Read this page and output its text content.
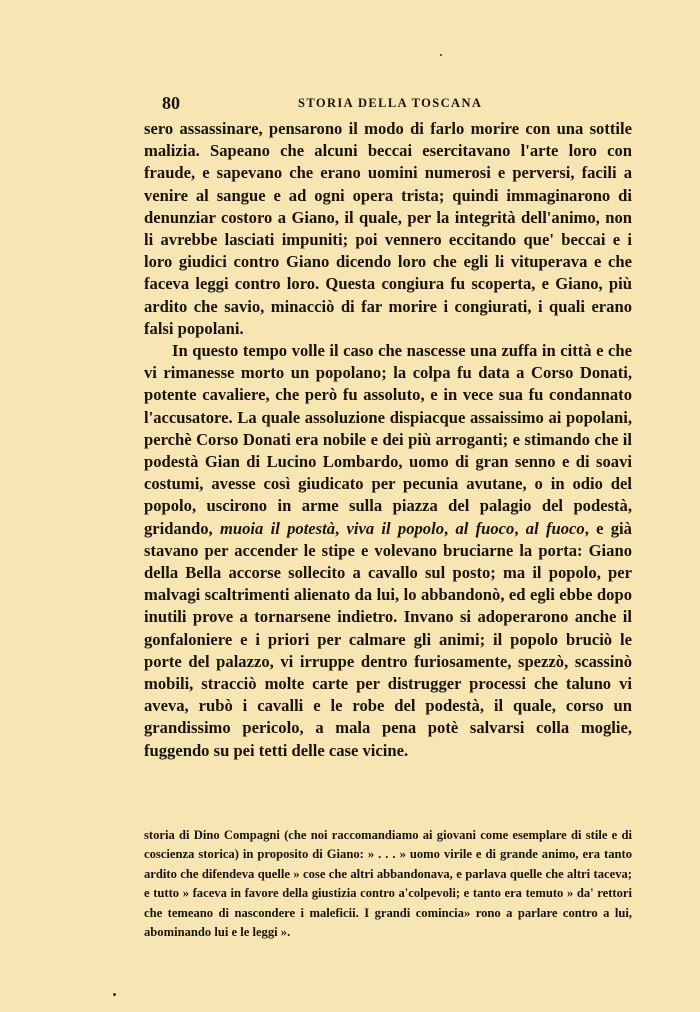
80	STORIA DELLA TOSCANA

sero assassinare, pensarono il modo di farlo morire con una sottile malizia. Sapeano che alcuni beccai esercitavano l'arte loro con fraude, e sapevano che erano uomini numerosi e perversi, facili a venire al sangue e ad ogni opera trista; quindi immaginarono di denunziar costoro a Giano, il quale, per la integrità dell'animo, non li avrebbe lasciati impuniti; poi vennero eccitando que' beccai e i loro giudici contro Giano dicendo loro che egli li vituperava e che faceva leggi contro loro. Questa congiura fu scoperta, e Giano, più ardito che savio, minacciò di far morire i congiurati, i quali erano falsi popolani.

In questo tempo volle il caso che nascesse una zuffa in città e che vi rimanesse morto un popolano; la colpa fu data a Corso Donati, potente cavaliere, che però fu assoluto, e in vece sua fu condannato l'accusatore. La quale assoluzione dispiacque assaissimo ai popolani, perchè Corso Donati era nobile e dei più arroganti; e stimando che il podestà Gian di Lucino Lombardo, uomo di gran senno e di soavi costumi, avesse così giudicato per pecunia avutane, o in odio del popolo, uscirono in arme sulla piazza del palagio del podestà, gridando, muoia il potestà, viva il popolo, al fuoco, al fuoco, e già stavano per accender le stipe e volevano bruciarne la porta: Giano della Bella accorse sollecito a cavallo sul posto; ma il popolo, per malvagi scaltrimenti alienato da lui, lo abbandonò, ed egli ebbe dopo inutili prove a tornarsene indietro. Invano si adoperarono anche il gonfaloniere e i priori per calmare gli animi; il popolo bruciò le porte del palazzo, vi irruppe dentro furiosamente, spezzò, scassinò mobili, stracciò molte carte per distrugger processi che taluno vi aveva, rubò i cavalli e le robe del podestà, il quale, corso un grandissimo pericolo, a mala pena potè salvarsi colla moglie, fuggendo su pei tetti delle case vicine.

storia di Dino Compagni (che noi raccomandiamo ai giovani come esemplare di stile e di coscienza storica) in proposito di Giano: » . . . » uomo virile e di grande animo, era tanto ardito che difendeva quelle » cose che altri abbandonava, e parlava quelle che altri taceva; e tutto » faceva in favore della giustizia contro a'colpevoli; e tanto era temuto » da' rettori che temeano di nascondere i maleficii. I grandi comincia» rono a parlare contro a lui, abominando lui e le leggi ».
